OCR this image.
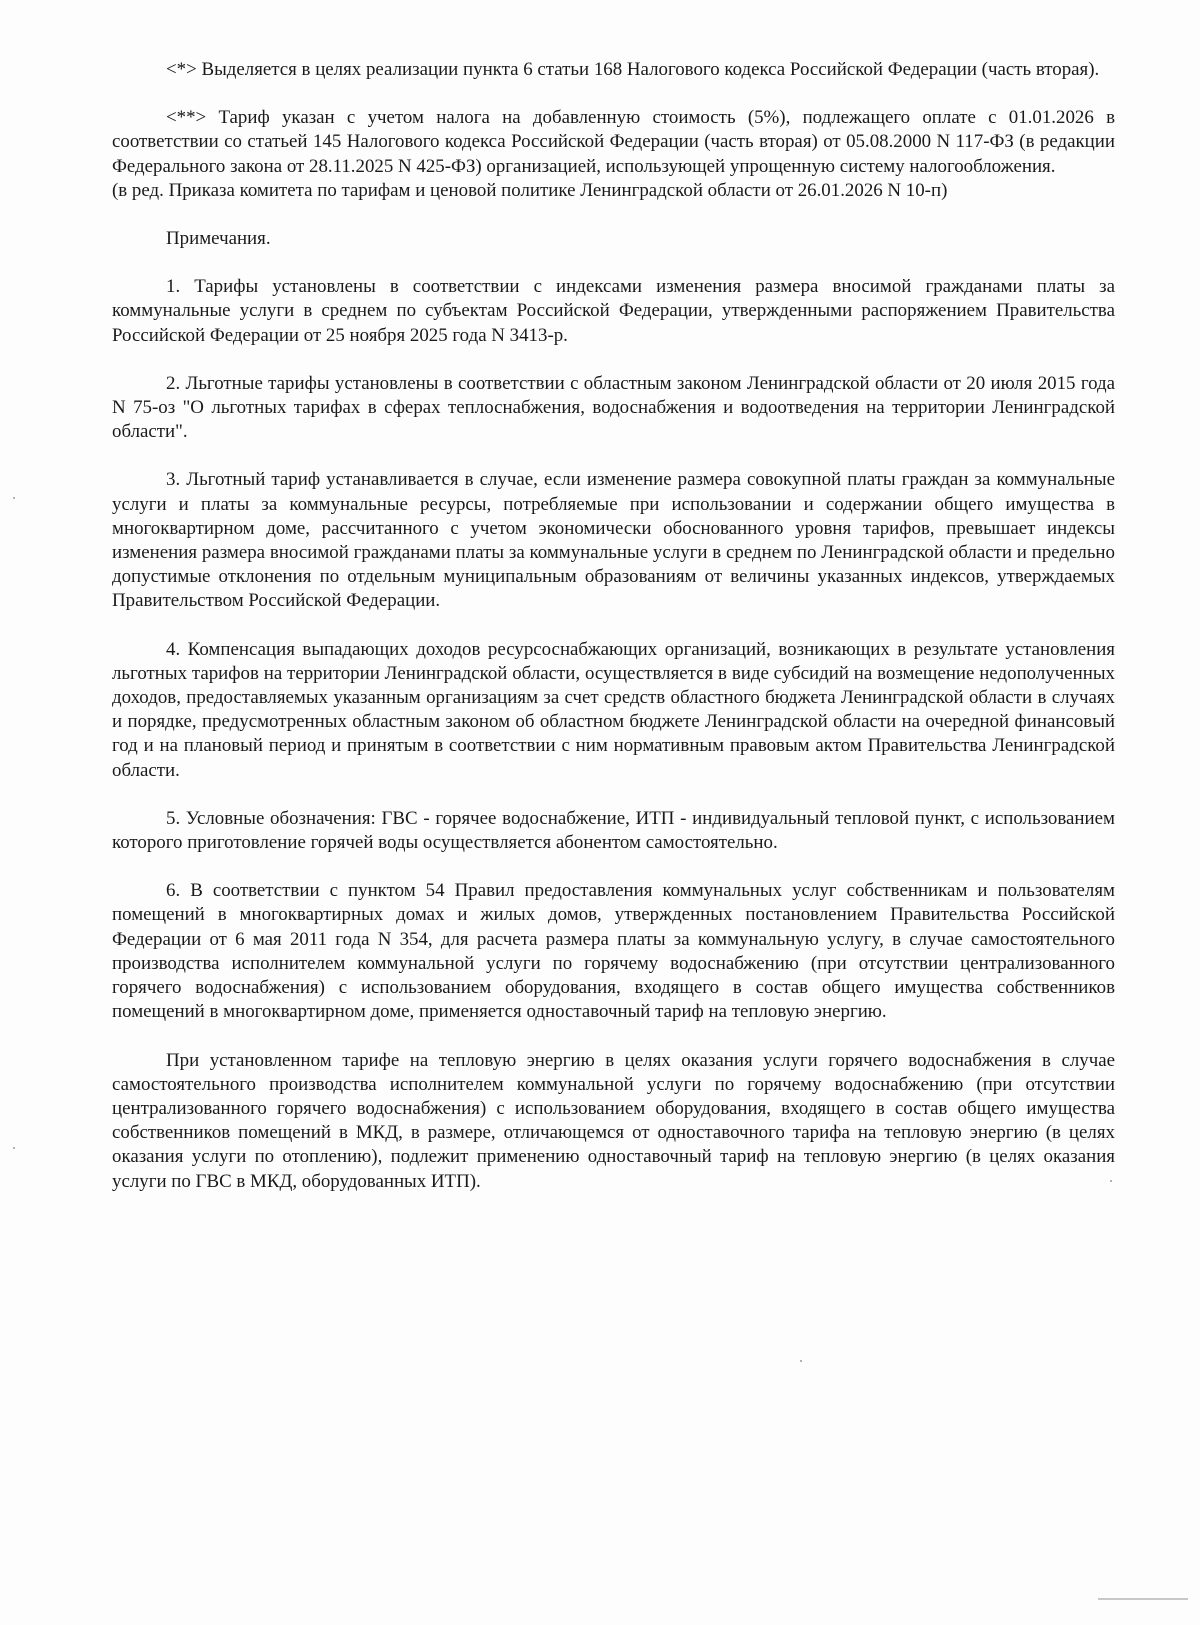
<*> Выделяется в целях реализации пункта 6 статьи 168 Налогового кодекса Российской Федерации (часть вторая).

<**> Тариф указан с учетом налога на добавленную стоимость (5%), подлежащего оплате с 01.01.2026 в соответствии со статьей 145 Налогового кодекса Российской Федерации (часть вторая) от 05.08.2000 N 117-ФЗ (в редакции Федерального закона от 28.11.2025 N 425-ФЗ) организацией, использующей упрощенную систему налогообложения.

(в ред. Приказа комитета по тарифам и ценовой политике Ленинградской области от 26.01.2026 N 10-п)

Примечания.

1. Тарифы установлены в соответствии с индексами изменения размера вносимой гражданами платы за коммунальные услуги в среднем по субъектам Российской Федерации, утвержденными распоряжением Правительства Российской Федерации от 25 ноября 2025 года N 3413-р.

2. Льготные тарифы установлены в соответствии с областным законом Ленинградской области от 20 июля 2015 года N 75-оз "О льготных тарифах в сферах теплоснабжения, водоснабжения и водоотведения на территории Ленинградской области".

3. Льготный тариф устанавливается в случае, если изменение размера совокупной платы граждан за коммунальные услуги и платы за коммунальные ресурсы, потребляемые при использовании и содержании общего имущества в многоквартирном доме, рассчитанного с учетом экономически обоснованного уровня тарифов, превышает индексы изменения размера вносимой гражданами платы за коммунальные услуги в среднем по Ленинградской области и предельно допустимые отклонения по отдельным муниципальным образованиям от величины указанных индексов, утверждаемых Правительством Российской Федерации.

4. Компенсация выпадающих доходов ресурсоснабжающих организаций, возникающих в результате установления льготных тарифов на территории Ленинградской области, осуществляется в виде субсидий на возмещение недополученных доходов, предоставляемых указанным организациям за счет средств областного бюджета Ленинградской области в случаях и порядке, предусмотренных областным законом об областном бюджете Ленинградской области на очередной финансовый год и на плановый период и принятым в соответствии с ним нормативным правовым актом Правительства Ленинградской области.

5. Условные обозначения: ГВС - горячее водоснабжение, ИТП - индивидуальный тепловой пункт, с использованием которого приготовление горячей воды осуществляется абонентом самостоятельно.

6. В соответствии с пунктом 54 Правил предоставления коммунальных услуг собственникам и пользователям помещений в многоквартирных домах и жилых домов, утвержденных постановлением Правительства Российской Федерации от 6 мая 2011 года N 354, для расчета размера платы за коммунальную услугу, в случае самостоятельного производства исполнителем коммунальной услуги по горячему водоснабжению (при отсутствии централизованного горячего водоснабжения) с использованием оборудования, входящего в состав общего имущества собственников помещений в многоквартирном доме, применяется одноставочный тариф на тепловую энергию.

При установленном тарифе на тепловую энергию в целях оказания услуги горячего водоснабжения в случае самостоятельного производства исполнителем коммунальной услуги по горячему водоснабжению (при отсутствии централизованного горячего водоснабжения) с использованием оборудования, входящего в состав общего имущества собственников помещений в МКД, в размере, отличающемся от одноставочного тарифа на тепловую энергию (в целях оказания услуги по отоплению), подлежит применению одноставочный тариф на тепловую энергию (в целях оказания услуги по ГВС в МКД, оборудованных ИТП).
